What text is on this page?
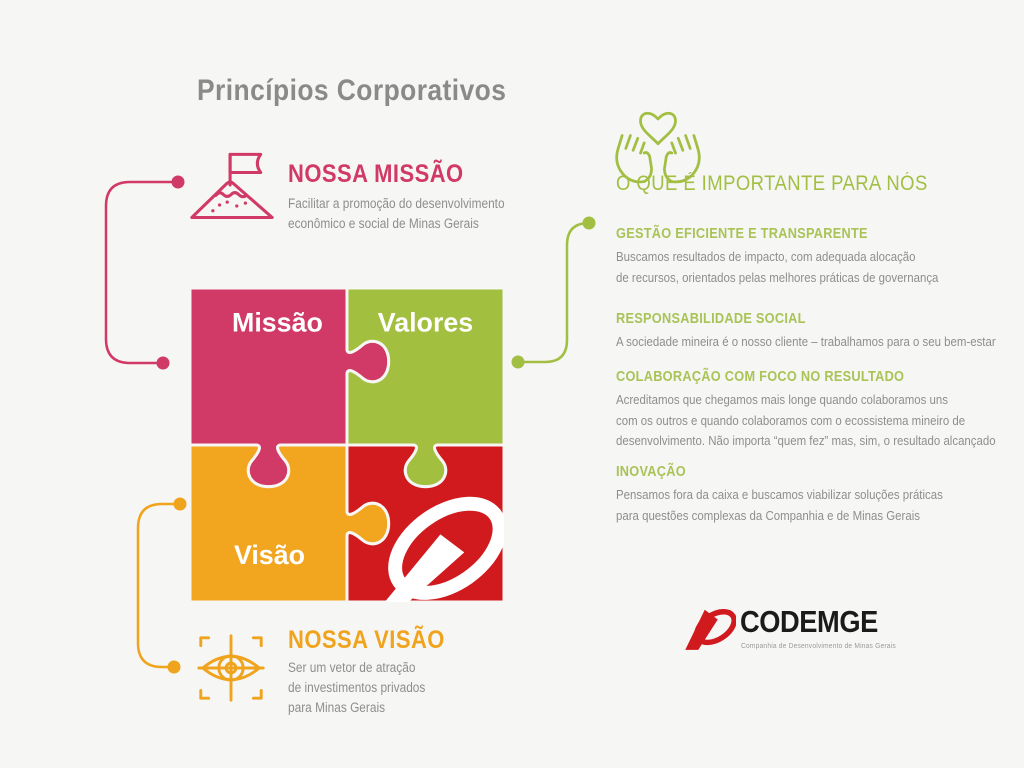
Princípios Corporativos
NOSSA MISSÃO
Facilitar a promoção do desenvolvimento
econômico e social de Minas Gerais
Missão Valores
Visão
NOSSA VISÃO
Ser um vetor de atração
de investimentos privados
para Minas Gerais
O QUE É IMPORTANTE PARA NÓS
GESTÃO EFICIENTE E TRANSPARENTE
Buscamos resultados de impacto, com adequada alocação
de recursos, orientados pelas melhores práticas de governança
RESPONSABILIDADE SOCIAL
A sociedade mineira é o nosso cliente – trabalhamos para o seu bem-estar
COLABORAÇÃO COM FOCO NO RESULTADO
Acreditamos que chegamos mais longe quando colaboramos uns
com os outros e quando colaboramos com o ecossistema mineiro de
desenvolvimento. Não importa “quem fez” mas, sim, o resultado alcançado
INOVAÇÃO
Pensamos fora da caixa e buscamos viabilizar soluções práticas
para questões complexas da Companhia e de Minas Gerais
CODEMGE
Companhia de Desenvolvimento de Minas Gerais
